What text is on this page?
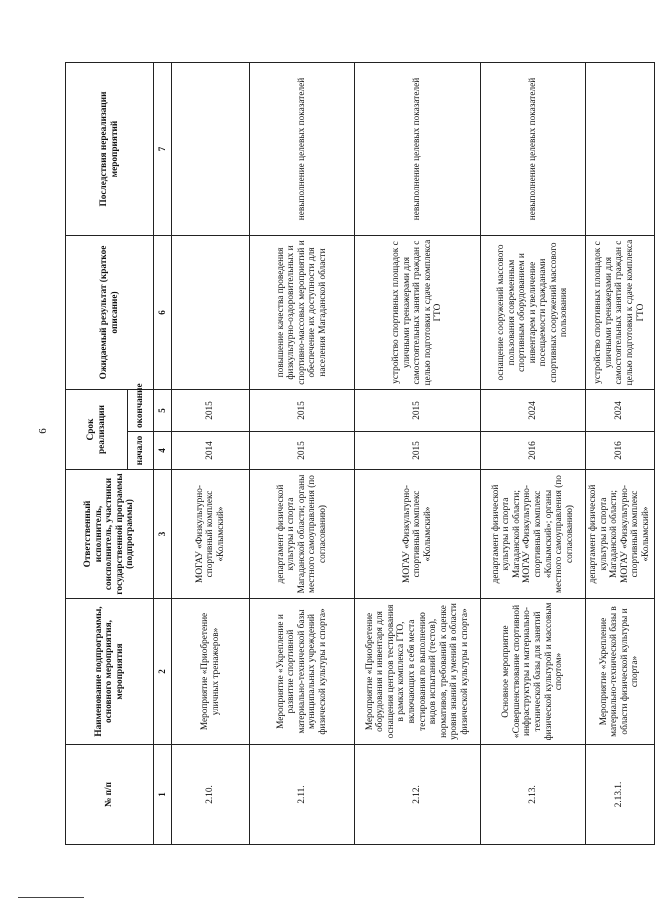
6
№ п/п	Наименование подпрограммы, основного мероприятия, мероприятия	Ответственный исполнитель, соисполнитель, участники государственной программы (подпрограммы)	Срок реализации		Ожидаемый результат (краткое описание)	Последствия нереализации мероприятий
			начало	окончание		
1	2	3	4	5	6	7
2.10.	Мероприятие «Приобретение уличных тренажеров»	МОГАУ «Физкультурно-спортивный комплекс «Колымский»	2014	2015		
2.11.	Мероприятие «Укрепление и развитие спортивной материально-технической базы муниципальных учреждений физической культуры и спорта»	департамент физической культуры и спорта Магаданской области; органы местного самоуправления (по согласованию)	2015	2015	повышение качества проведения физкультурно-оздоровительных и спортивно-массовых мероприятий и обеспечение их доступности для населения Магаданской области	невыполнение целевых показателей
2.12.	Мероприятие «Приобретение оборудования и инвентаря для оснащения центров тестирования в рамках комплекса ГТО, включающих в себя места тестирования по выполнению видов испытаний (тестов), нормативов, требований к оценке уровня знаний и умений в области физической культуры и спорта»	МОГАУ «Физкультурно-спортивный комплекс «Колымский»	2015	2015	устройство спортивных площадок с уличными тренажерами для самостоятельных занятий граждан с целью подготовки к сдаче комплекса ГТО	невыполнение целевых показателей
2.13.	Основное мероприятие «Совершенствование спортивной инфраструктуры и материально-технической базы для занятий физической культурой и массовым спортом»	департамент физической культуры и спорта Магаданской области; МОГАУ «Физкультурно-спортивный комплекс «Колымский»; органы местного самоуправления (по согласованию)	2016	2024	оснащение сооружений массового пользования современным спортивным оборудованием и инвентарем и увеличение посещаемости гражданами спортивных сооружений массового пользования	невыполнение целевых показателей
2.13.1.	Мероприятие «Укрепление материально-технической базы в области физической культуры и спорта»	департамент физической культуры и спорта Магаданской области; МОГАУ «Физкультурно-спортивный комплекс «Колымский»	2016	2024	устройство спортивных площадок с уличными тренажерами для самостоятельных занятий граждан с целью подготовки к сдаче комплекса ГТО	
